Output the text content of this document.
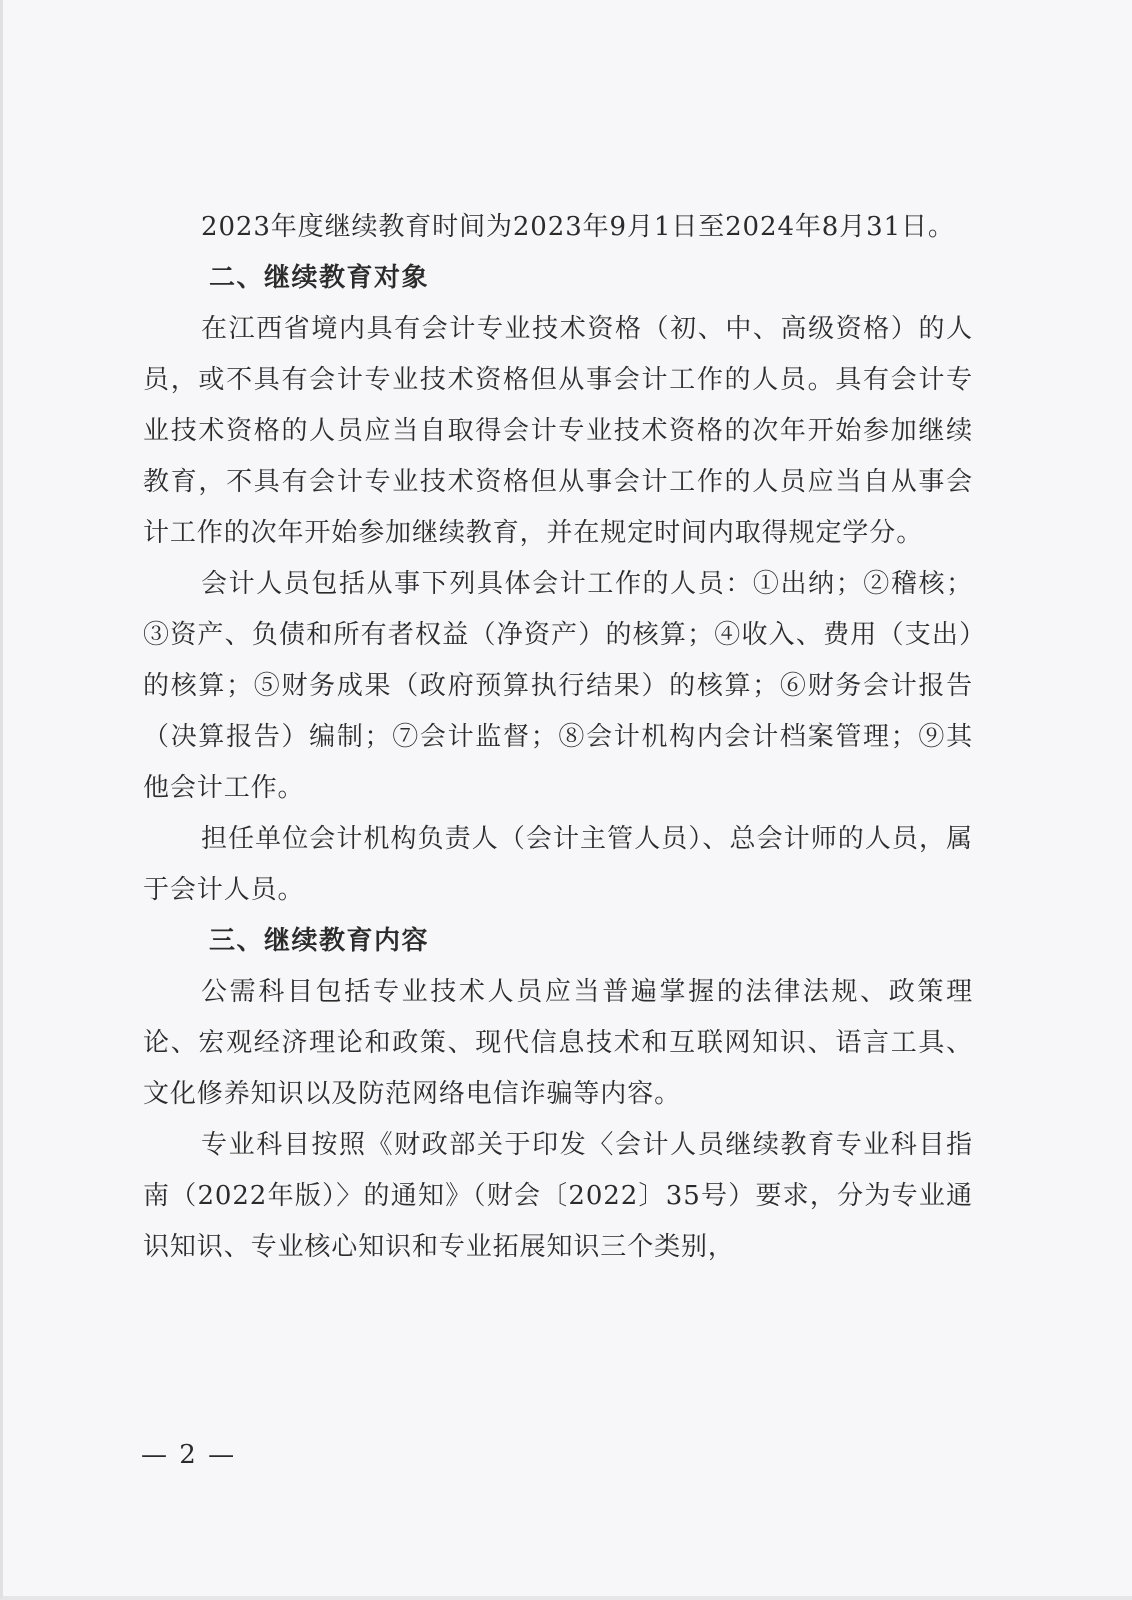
2023年度继续教育时间为2023年9月1日至2024年8月31日。

二、继续教育对象

在江西省境内具有会计专业技术资格（初、中、高级资格）的人员，或不具有会计专业技术资格但从事会计工作的人员。具有会计专业技术资格的人员应当自取得会计专业技术资格的次年开始参加继续教育，不具有会计专业技术资格但从事会计工作的人员应当自从事会计工作的次年开始参加继续教育，并在规定时间内取得规定学分。

会计人员包括从事下列具体会计工作的人员：①出纳；②稽核；③资产、负债和所有者权益（净资产）的核算；④收入、费用（支出）的核算；⑤财务成果（政府预算执行结果）的核算；⑥财务会计报告（决算报告）编制；⑦会计监督；⑧会计机构内会计档案管理；⑨其他会计工作。

担任单位会计机构负责人（会计主管人员）、总会计师的人员，属于会计人员。

三、继续教育内容

公需科目包括专业技术人员应当普遍掌握的法律法规、政策理论、宏观经济理论和政策、现代信息技术和互联网知识、语言工具、文化修养知识以及防范网络电信诈骗等内容。

专业科目按照《财政部关于印发〈会计人员继续教育专业科目指南（2022年版）〉的通知》（财会〔2022〕35号）要求，分为专业通识知识、专业核心知识和专业拓展知识三个类别，

— 2 —
